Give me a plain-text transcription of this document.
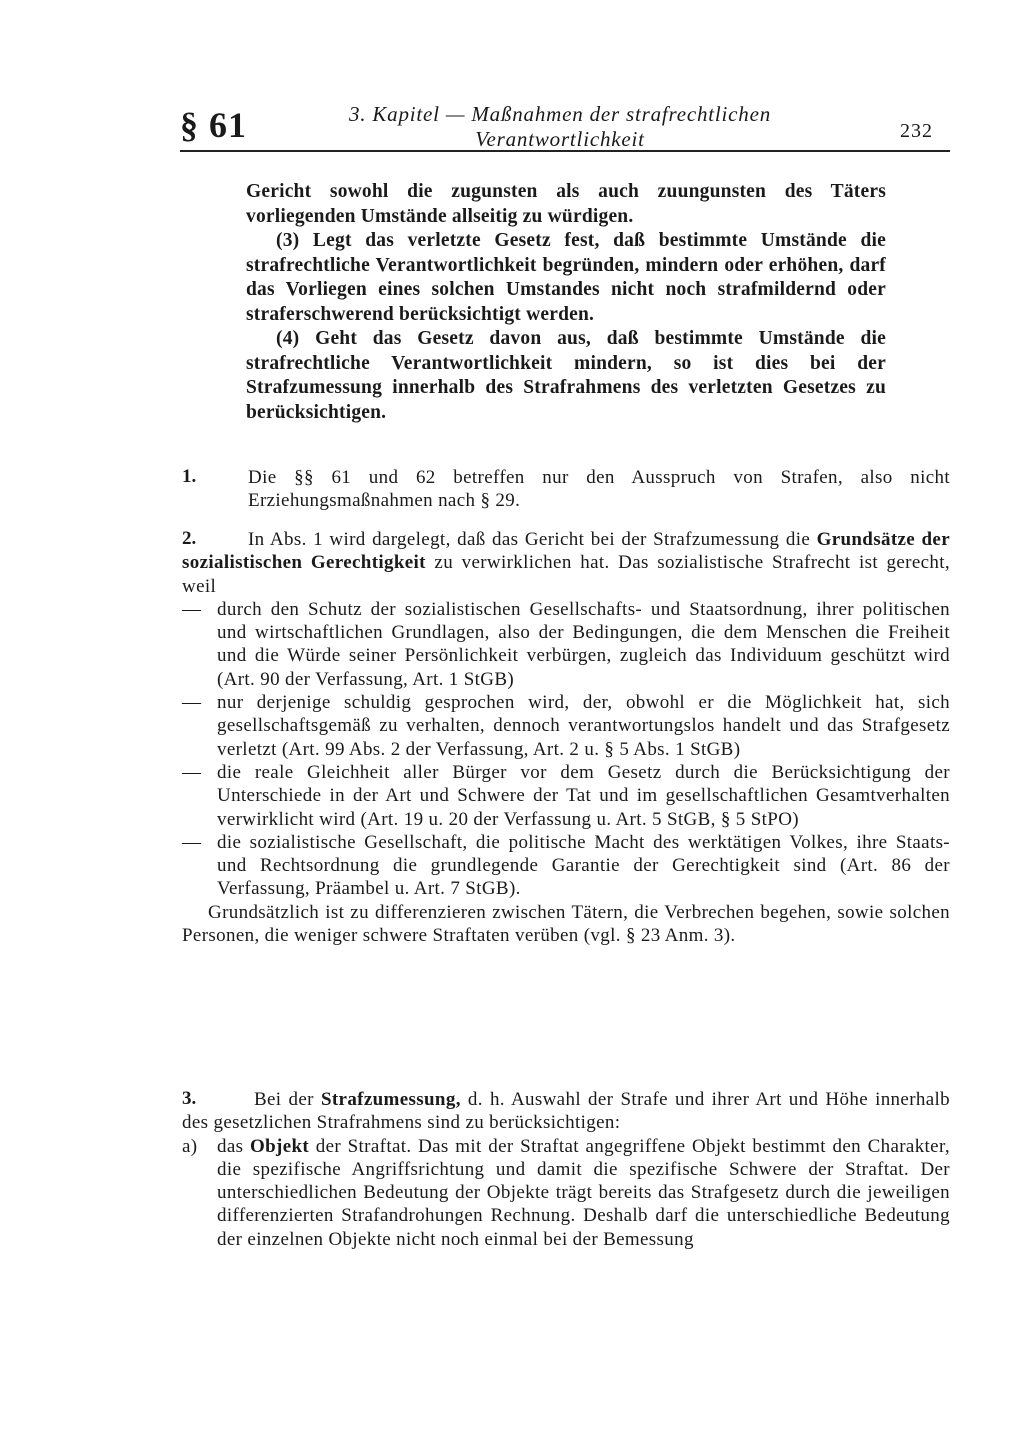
§ 61	3. Kapitel — Maßnahmen der strafrechtlichen
Verantwortlichkeit	232

Gericht sowohl die zugunsten als auch zuungunsten des Täters vorliegenden Umstände allseitig zu würdigen.

(3) Legt das verletzte Gesetz fest, daß bestimmte Umstände die strafrechtliche Verantwortlichkeit begründen, mindern oder erhöhen, darf das Vorliegen eines solchen Umstandes nicht noch strafmildernd oder straferschwerend berücksichtigt werden.

(4) Geht das Gesetz davon aus, daß bestimmte Umstände die strafrechtliche Verantwortlichkeit mindern, so ist dies bei der Strafzumessung innerhalb des Strafrahmens des verletzten Gesetzes zu berücksichtigen.

1.	Die §§ 61 und 62 betreffen nur den Ausspruch von Strafen, also nicht Erziehungsmaßnahmen nach § 29.
2.	In Abs. 1 wird dargelegt, daß das Gericht bei der Strafzumessung die Grundsätze der sozialistischen Gerechtigkeit zu verwirklichen hat. Das sozialistische Strafrecht ist gerecht, weil

— durch den Schutz der sozialistischen Gesellschafts- und Staatsordnung, ihrer politischen und wirtschaftlichen Grundlagen, also der Bedingungen, die dem Menschen die Freiheit und die Würde seiner Persönlichkeit verbürgen, zugleich das Individuum geschützt wird (Art. 90 der Verfassung, Art. 1 StGB)
— nur derjenige schuldig gesprochen wird, der, obwohl er die Möglichkeit hat, sich gesellschaftsgemäß zu verhalten, dennoch verantwortungslos handelt und das Strafgesetz verletzt (Art. 99 Abs. 2 der Verfassung, Art. 2 u. § 5 Abs. 1 StGB)
— die reale Gleichheit aller Bürger vor dem Gesetz durch die Berücksichtigung der Unterschiede in der Art und Schwere der Tat und im gesellschaftlichen Gesamtverhalten verwirklicht wird (Art. 19 u. 20 der Verfassung u. Art. 5 StGB, § 5 StPO)
— die sozialistische Gesellschaft, die politische Macht des werktätigen Volkes, ihre Staats- und Rechtsordnung die grundlegende Garantie der Gerechtigkeit sind (Art. 86 der Verfassung, Präambel u. Art. 7 StGB).

Grundsätzlich ist zu differenzieren zwischen Tätern, die Verbrechen begehen, sowie solchen Personen, die weniger schwere Straftaten verüben (vgl. § 23 Anm. 3).

3.	Bei der Strafzumessung, d. h. Auswahl der Strafe und ihrer Art und Höhe innerhalb des gesetzlichen Strafrahmens sind zu berücksichtigen:

a)	das Objekt der Straftat. Das mit der Straftat angegriffene Objekt bestimmt den Charakter, die spezifische Angriffsrichtung und damit die spezifische Schwere der Straftat. Der unterschiedlichen Bedeutung der Objekte trägt bereits das Strafgesetz durch die jeweiligen differenzierten Strafandrohungen Rechnung. Deshalb darf die unterschiedliche Bedeutung der einzelnen Objekte nicht noch einmal bei der Bemessung
